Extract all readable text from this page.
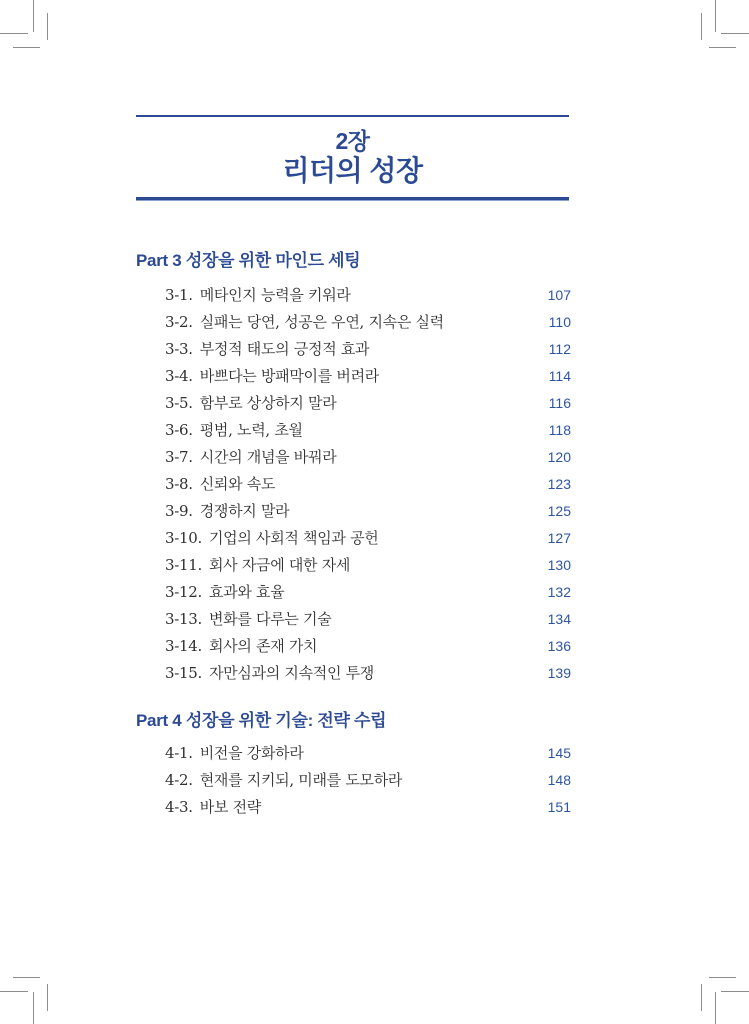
2장
리더의 성장
Part 3 성장을 위한 마인드 세팅
3-1. 메타인지 능력을 키워라	107
3-2. 실패는 당연, 성공은 우연, 지속은 실력	110
3-3. 부정적 태도의 긍정적 효과	112
3-4. 바쁘다는 방패막이를 버려라	114
3-5. 함부로 상상하지 말라	116
3-6. 평범, 노력, 초월	118
3-7. 시간의 개념을 바꿔라	120
3-8. 신뢰와 속도	123
3-9. 경쟁하지 말라	125
3-10. 기업의 사회적 책임과 공헌	127
3-11. 회사 자금에 대한 자세	130
3-12. 효과와 효율	132
3-13. 변화를 다루는 기술	134
3-14. 회사의 존재 가치	136
3-15. 자만심과의 지속적인 투쟁	139
Part 4 성장을 위한 기술: 전략 수립
4-1. 비전을 강화하라	145
4-2. 현재를 지키되, 미래를 도모하라	148
4-3. 바보 전략	151
